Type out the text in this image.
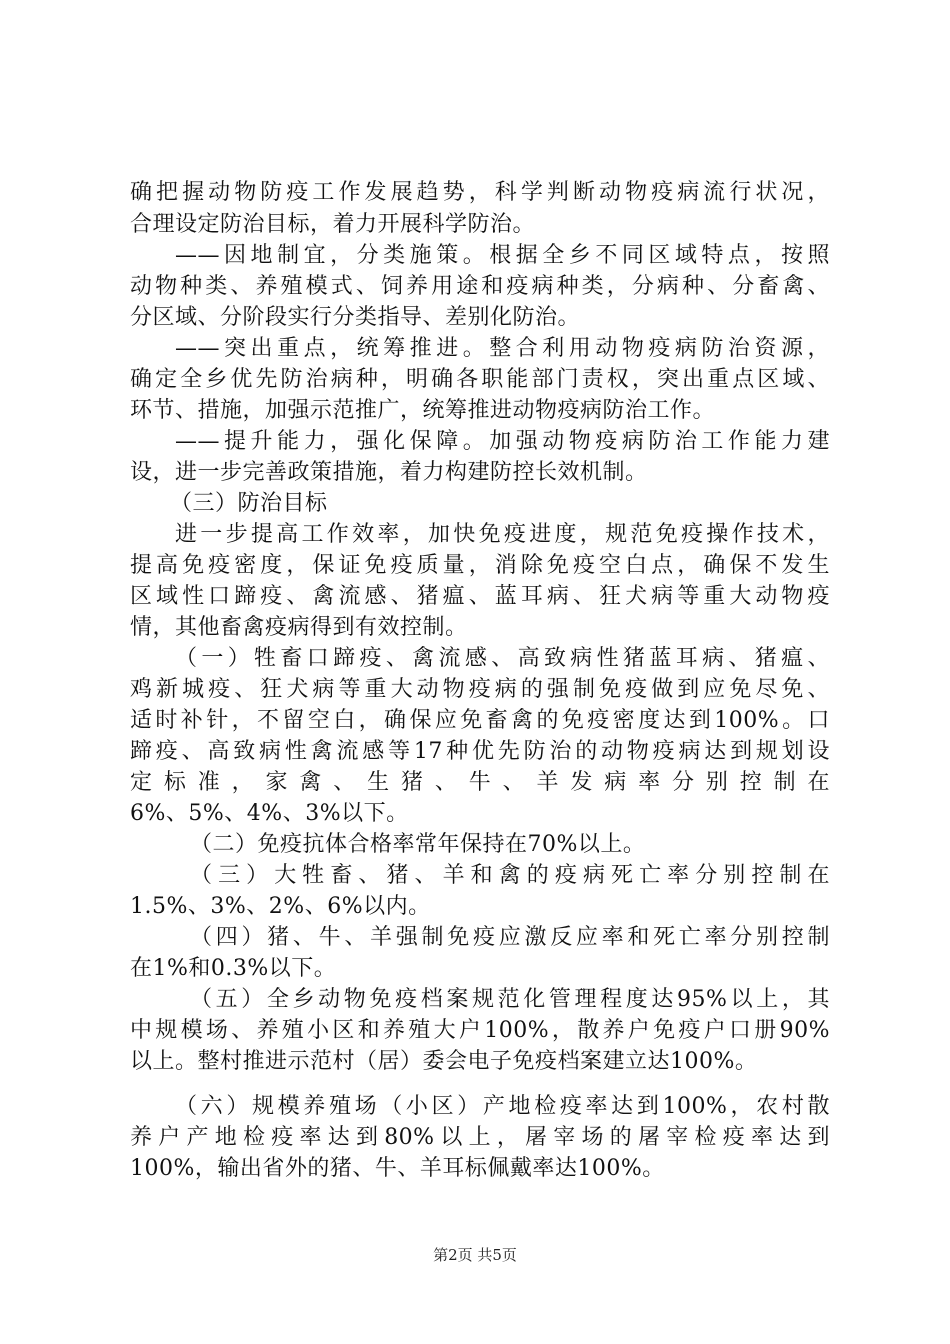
确把握动物防疫工作发展趋势，科学判断动物疫病流行状况，
合理设定防治目标，着力开展科学防治。
——因地制宜，分类施策。根据全乡不同区域特点，按照
动物种类、养殖模式、饲养用途和疫病种类，分病种、分畜禽、
分区域、分阶段实行分类指导、差别化防治。
——突出重点，统筹推进。整合利用动物疫病防治资源，
确定全乡优先防治病种，明确各职能部门责权，突出重点区域、
环节、措施，加强示范推广，统筹推进动物疫病防治工作。
——提升能力，强化保障。加强动物疫病防治工作能力建
设，进一步完善政策措施，着力构建防控长效机制。
（三）防治目标
进一步提高工作效率，加快免疫进度，规范免疫操作技术，
提高免疫密度，保证免疫质量，消除免疫空白点，确保不发生
区域性口蹄疫、禽流感、猪瘟、蓝耳病、狂犬病等重大动物疫
情，其他畜禽疫病得到有效控制。
（一）牲畜口蹄疫、禽流感、高致病性猪蓝耳病、猪瘟、
鸡新城疫、狂犬病等重大动物疫病的强制免疫做到应免尽免、
适时补针，不留空白，确保应免畜禽的免疫密度达到100%。口
蹄疫、高致病性禽流感等17种优先防治的动物疫病达到规划设
定标准，家禽、生猪、牛、羊发病率分别控制在
6%、5%、4%、3%以下。
（二）免疫抗体合格率常年保持在70%以上。
（三）大牲畜、猪、羊和禽的疫病死亡率分别控制在
1.5%、3%、2%、6%以内。
（四）猪、牛、羊强制免疫应激反应率和死亡率分别控制
在1%和0.3%以下。
（五）全乡动物免疫档案规范化管理程度达95%以上，其
中规模场、养殖小区和养殖大户100%，散养户免疫户口册90%
以上。整村推进示范村（居）委会电子免疫档案建立达100%。
（六）规模养殖场（小区）产地检疫率达到100%，农村散
养户产地检疫率达到80%以上，屠宰场的屠宰检疫率达到
100%，输出省外的猪、牛、羊耳标佩戴率达100%。
第2页 共5页
